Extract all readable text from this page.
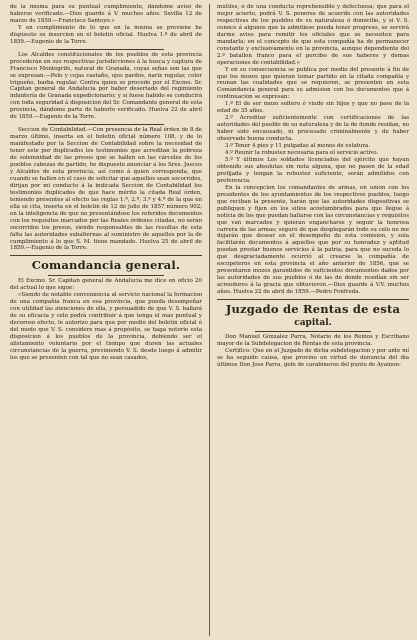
de la misma para su puntual cumplimiento, dándome aviso de haberse verificado.—Dios guarde á V. muchos años. Sevilla 12 de marzo de 1859.—Francisco Santoyo.»

Y en cumplimiento de lo que en la misma se previene he dispuesto su insercion en el boletin oficial. Huelva 1.º de abril de 1859.—Eugenio de la Torre.

Los Alcaldes constitucionales de los pueblos de esta provincia procederán en sus respectivas jurisdicciones á la busca y captura de Francisco Montegrife, natural de Granada, cuyas señas son las que se expresan.—Pelo y cejas castaño, ojos pardos, nariz regular, color trigueño, barba regular. Contra quien se procede por el Excmo. Sr. Capitan general de Andalucia por haber desertado del regimiento infantería de Granada expedicionario; y si fuese habido se conducirá con toda seguridad á disposicion del Sr. Comandante general de esta provincia, dándome parte de haberlo verificado. Huelva 22 de abril de 1859.—Eugenio de la Torre.

Seccion de Contabilidad.—Con presencia de la Real órden de 8 de marzo último, inserta en el boletin oficial número 108, y de lo manifestado por la Seccion de Contabilidad sobre la necesidad de tener este por duplicados los testimonios que acreditan la pobreza de solemnidad de las presos que se hallen en las cárceles de los pueblos cabezas de partido, he dispuesto anunciar á los Sres. Jueces y Alcaldes de esta provincia, así como á quien corresponda, que cuando se hallen en el caso de solicitar que aquellos sean socorridos, dirijan por mi conducto á la indicada Seccion de Contabilidad los testimonios duplicados de que hace mérito la citada Real órden, teniendo presentes al efecto las reglas 1.ª, 2.ª, 3.ª y 4.ª de la que en ella se cita, inserta en el boletin de 12 de julio de 1857 número 902; en la inteligencia de que no presentándose los referidos documentos con los requisitos marcados por las Reales órdenes citadas, no serán socorridos los presos, siendo responsables de las resultas de esta falta las autoridades subalternas al suministro de aquellos por la de cumplimiento á lo que S. M. tiene mandado. Huelva 25 de abril de 1859.—Eugenio de la Torre.

Comandancia general.

El Excmo. Sr. Capitan general de Andalucia me dice en oficio 20 del actual lo que sigue:

«Siendo de notable conveniencia al servicio nacional la formacion de una compañia franca en esa provincia, que pueda desempeñar con utilidad las atenciones de ella, y persuadido de que V. S. hallará de su eficacia y celo podrá contribuir á que tenga el mas puntual y decoroso efecto, le autorizo para que por medio del boletin oficial ó del modo que V. S. considere mas á propósito, se haga notorio esta disposicion á los pueblos de la provincia, debiendo ser el alistamiento voluntario por el tiempo que duren las actuales circunstancias de la guerra, previniendo V. S. desde luego á admitir los que se presenten con tal que no sean casados,

inútiles, ó de una conducta reprehensible y defectuosa; que para el mejor acierto, podrá V. S. ponerse de acuerdo con las autoridades respectivas de los pueblos de su naturaleza ó domicilio, y si V. S. conoce á algunos que la admitiese pueda tener progreso, se servirá darme aviso para remitir los oficiales que se necesiten para mandarla; en el concepto de que esta compañía ha de permanecer constante y exclusivamente en la provincia, aunque dependiente del 2.º batallon franco para el percibo de sus haberes y demas operaciones de contabilidad.»

Y en su consecuencia se publica por medio del presente á fin de que los mozos que quieran tomar partido en la citada compañía y reunan las cualidades que se requieren, se presenten en esta Comandancia general para su admision con los documentos que á continuacion se expresan:

1.º El de ser mozo soltero ó viudo sin hijos y que no pase de la edad de 35 años.

2.º Acreditar suficientemente con certificaciones de las autoridades del pueblo de su naturaleza y de la de donde residan, no haber sido encausado, ni procesado criminalmente y de haber observado buena conducta.

3.º Tener 4 pies y 11 pulgadas al menos de estatura.

4.º Reunir la robustez necesaria para el servicio activo.

5.º Y últimos Los soldados licenciados del ejército que hayan obtenido sus absolutas sin nota alguna, que no pasen de la edad prefijada y tengan la robustez suficiente, serán admitidos con preferencia.

En la concepcion los comandantes de armas, en union con los presidentes de los ayuntamientos de los respectivos pueblos, luego que reciban la presente, harán que las autoridades dispositivas se publiquen y fijen en los sitios acostumbrados para que llegue á noticia de los que puedan hallarse con las circunstancias y requisitos que van marcados y quieran engancharse y seguir la honrosa carrera de las armas; seguro de que desplegarán todo su celo no me dejarán que desear en el desempeño de esta comision, y sola facilitarán documentos á aquellos que por su honradez y aptitud puedan prestar buenos servicios á la patria, para que no suceda lo que desgraciadamente ocurrió al crearse la compañía de escopeteros en esta provincia el año anterior de 1856, que se presentaron mozos garantidos de suficientes documentos dados por las autoridades de sus pueblos ó de las de donde residían sin ser acreedores á la gracia que obtuvieron.—Dios guarde á V.V. muchos años. Huelva 22 de abril de 1859.—Pedro Fonfreda.

Juzgado de Rentas de esta
capital.

Don Manuel Gonzalez Parra, Notario de los Reinos y Escribano mayor de la Subdelegacion de Rentas de esta provincia.

Certifico: Que en el Juzgado de dicha subdelegacion y por ante mí se ha seguido causa, que provino en virtud de denuncia del dia últimos Don Jose Parra, gefe de carabineros del punto de Ayamon-
